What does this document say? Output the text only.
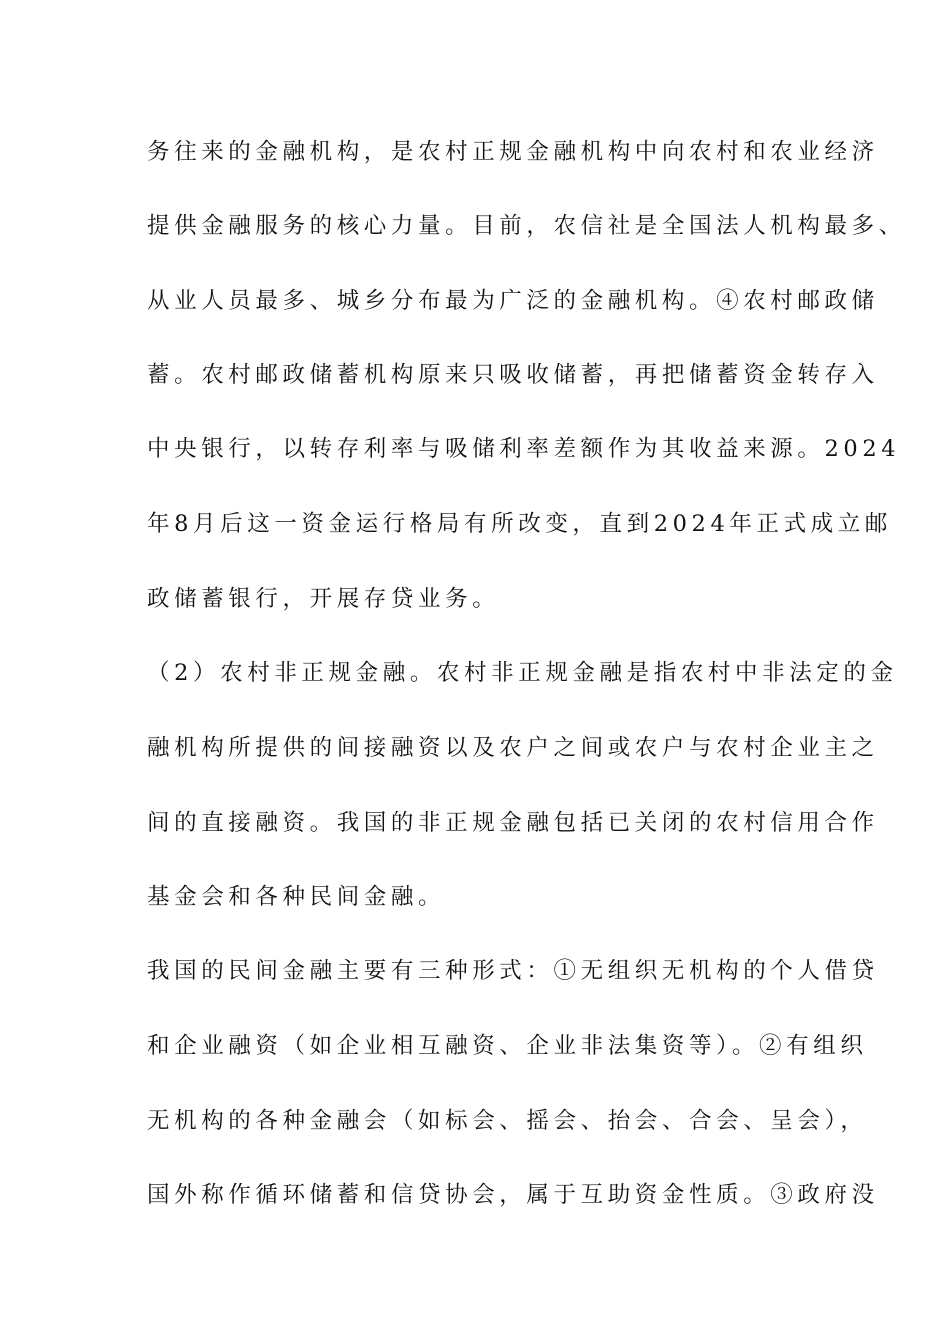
务往来的金融机构，是农村正规金融机构中向农村和农业经济
提供金融服务的核心力量。目前，农信社是全国法人机构最多、
从业人员最多、城乡分布最为广泛的金融机构。④农村邮政储
蓄。农村邮政储蓄机构原来只吸收储蓄，再把储蓄资金转存入
中央银行，以转存利率与吸储利率差额作为其收益来源。2024
年8月后这一资金运行格局有所改变，直到2024年正式成立邮
政储蓄银行，开展存贷业务。
（2）农村非正规金融。农村非正规金融是指农村中非法定的金
融机构所提供的间接融资以及农户之间或农户与农村企业主之
间的直接融资。我国的非正规金融包括已关闭的农村信用合作
基金会和各种民间金融。
我国的民间金融主要有三种形式：①无组织无机构的个人借贷
和企业融资（如企业相互融资、企业非法集资等）。②有组织
无机构的各种金融会（如标会、摇会、抬会、合会、呈会），
国外称作循环储蓄和信贷协会，属于互助资金性质。③政府没
